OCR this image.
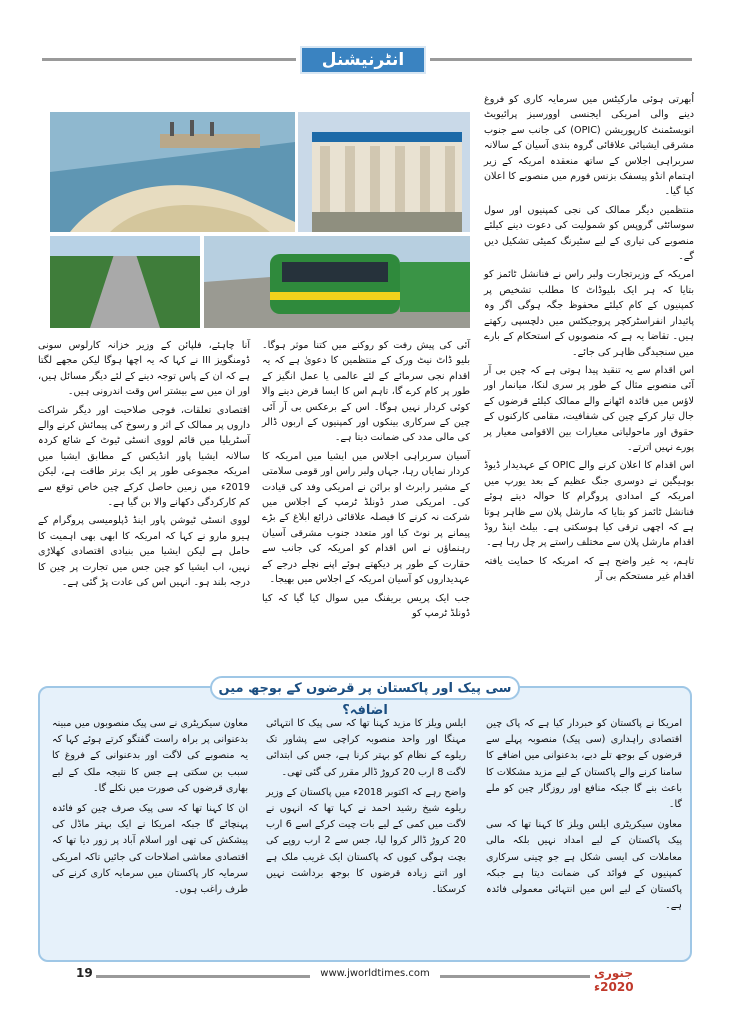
انٹرنیشنل

اُبھرتی ہوئی مارکیٹس میں سرمایہ کاری کو فروغ دینے والی امریکی ایجنسی اوورسیز پرائیویٹ انویسٹمنٹ کارپوریشن (OPIC) کی جانب سے جنوب مشرقی ایشیائی علاقائی گروہ بندی آسیان کے سالانہ سربراہی اجلاس کے ساتھ منعقدہ امریکہ کے زیر اہتمام انڈو پیسفک بزنس فورم میں منصوبے کا اعلان کیا گیا۔

منتظمین دیگر ممالک کی نجی کمپنیوں اور سول سوسائٹی گروپس کو شمولیت کی دعوت دینے کیلئے منصوبے کی تیاری کے لیے سٹیرنگ کمیٹی تشکیل دیں گے۔

امریکہ کے وزیرتجارت ولبر راس نے فنانشل ٹائمز کو بتایا کہ ہر ایک بلیوڈاٹ کا مطلب تشخیص پر کمپنیوں کے کام کیلئے محفوظ جگہ ہوگی اگر وہ پائیدار انفراسٹرکچر پروجیکٹس میں دلچسپی رکھتے ہیں۔ تقاضا یہ ہے کہ منصوبوں کے استحکام کے بارے میں سنجیدگی ظاہر کی جائے۔

اس اقدام سے یہ تنقید پیدا ہوتی ہے کہ چین بی آر آئی منصوبے مثال کے طور پر سری لنکا، میانمار اور لاؤس میں فائدہ اٹھانے والے ممالک کیلئے قرضوں کے جال تیار کرکے چین کی شفافیت، مقامی کارکنوں کے حقوق اور ماحولیاتی معیارات بین الاقوامی معیار پر پورے نہیں اترتے۔

اس اقدام کا اعلان کرنے والے OPIC کے عہدیدار ڈیوڈ بوہیگین نے دوسری جنگ عظیم کے بعد یورپ میں امریکہ کے امدادی پروگرام کا حوالہ دیتے ہوئے فنانشل ٹائمز کو بتایا کہ مارشل پلان سے ظاہر ہوتا ہے کہ اچھی ترقی کیا ہوسکتی ہے۔ بیلٹ اینڈ روڈ اقدام مارشل پلان سے مختلف راستے پر چل رہا ہے۔

تاہم، یہ غیر واضح ہے کہ امریکہ کا حمایت یافتہ اقدام غیر مستحکم بی آر

آئی کی پیش رفت کو روکنے میں کتنا موثر ہوگا۔ بلیو ڈاٹ نیٹ ورک کے منتظمین کا دعویٰ ہے کہ یہ اقدام نجی سرمائے کے لئے عالمی یا عمل انگیز کے طور پر کام کرے گا، تاہم اس کا ایسا قرض دینے والا کوئی کردار نہیں ہوگا۔ اس کے برعکس بی آر آئی چین کے سرکاری بینکوں اور کمپنیوں کے اربوں ڈالر کی مالی مدد کی ضمانت دیتا ہے۔

آسیان سربراہی اجلاس میں ایشیا میں امریکہ کا کردار نمایاں رہا، جہاں ولبر راس اور قومی سلامتی کے مشیر رابرٹ او برائن نے امریکی وفد کی قیادت کی۔ امریکی صدر ڈونلڈ ٹرمپ کے اجلاس میں شرکت نہ کرنے کا فیصلہ علاقائی ذرائع ابلاغ کے بڑے پیمانے پر نوٹ کیا اور متعدد جنوب مشرقی آسیان رہنماؤں نے اس اقدام کو امریکہ کی جانب سے حقارت کے طور پر دیکھتے ہوئے اپنے نچلے درجے کے عہدیداروں کو آسیان امریکہ کے اجلاس میں بھیجا۔

جب ایک پریس بریفنگ میں سوال کیا گیا کہ کیا ڈونلڈ ٹرمپ کو

آنا چاہئے، فلپائن کے وزیر خزانہ کارلوس سونی ڈومنگویز III نے کہا کہ یہ اچھا ہوگا لیکن مجھے لگتا ہے کہ ان کے پاس توجہ دینے کے لئے دیگر مسائل ہیں، اور ان میں سے بیشتر اس وقت اندرونی ہیں۔

اقتصادی تعلقات، فوجی صلاحیت اور دیگر شراکت داروں پر ممالک کے اثر و رسوخ کی پیمائش کرنے والے آسٹریلیا میں قائم لووی انسٹی ٹیوٹ کے شائع کردہ سالانہ ایشیا پاور انڈیکس کے مطابق ایشیا میں امریکہ مجموعی طور پر ایک برتر طاقت ہے، لیکن 2019ء میں زمین حاصل کرکے چین خاص توقع سے کم کارکردگی دکھانے والا بن گیا ہے۔

لووی انسٹی ٹیوشن پاور اینڈ ڈپلومیسی پروگرام کے ہیرو مارو نے کہا کہ امریکہ کا ابھی بھی اہمیت کا حامل ہے لیکن ایشیا میں بنیادی اقتصادی کھلاڑی نہیں، اب ایشیا کو چین جس میں تجارت پر چین کا درجہ بلند ہو۔ انہیں اس کی عادت پڑ گئی ہے۔

سی پیک اور پاکستان پر قرضوں کے بوجھ میں اضافہ؟

امریکا نے پاکستان کو خبردار کیا ہے کہ پاک چین اقتصادی راہداری (سی پیک) منصوبہ پہلے سے قرضوں کے بوجھ تلے دبے، بدعنوانی میں اضافے کا سامنا کرنے والے پاکستان کے لیے مزید مشکلات کا باعث بنے گا جبکہ منافع اور روزگار چین کو ملے گا۔

معاون سیکریٹری ایلس ویلز کا کہنا تھا کہ سی پیک پاکستان کے لیے امداد نہیں بلکہ مالی معاملات کی ایسی شکل ہے جو چینی سرکاری کمپنیوں کے فوائد کی ضمانت دیتا ہے جبکہ پاکستان کے لیے اس میں انتہائی معمولی فائدہ ہے۔

ایلس ویلز کا مزید کہنا تھا کہ سی پیک کا انتہائی مہنگا اور واحد منصوبہ کراچی سے پشاور تک ریلوے کے نظام کو بہتر کرنا ہے، جس کی ابتدائی لاگت 8 ارب 20 کروڑ ڈالر مقرر کی گئی تھی۔

واضح رہے کہ اکتوبر 2018ء میں پاکستان کے وزیر ریلوے شیخ رشید احمد نے کہا تھا کہ انہوں نے لاگت میں کمی کے لیے بات چیت کرکے اسے 6 ارب 20 کروڑ ڈالر کروا لیا، جس سے 2 ارب روپے کی بچت ہوگی کیوں کہ پاکستان ایک غریب ملک ہے اور اتنے زیادہ قرضوں کا بوجھ برداشت نہیں کرسکتا۔

معاون سیکریٹری نے سی پیک منصوبوں میں مبینہ بدعنوانی پر براہ راست گفتگو کرتے ہوئے کہا کہ یہ منصوبے کی لاگت اور بدعنوانی کے فروغ کا سبب بن سکتی ہے جس کا نتیجہ ملک کے لیے بھاری قرضوں کی صورت میں نکلے گا۔

ان کا کہنا تھا کہ سی پیک صرف چین کو فائدہ پہنچائے گا جبکہ امریکا نے ایک بہتر ماڈل کی پیشکش کی تھی اور اسلام آباد پر زور دیا تھا کہ اقتصادی معاشی اصلاحات کی جائیں تاکہ امریکی سرمایہ کار پاکستان میں سرمایہ کاری کرنے کی طرف راغب ہوں۔

19	www.jworldtimes.com	جنوری 2020ء
